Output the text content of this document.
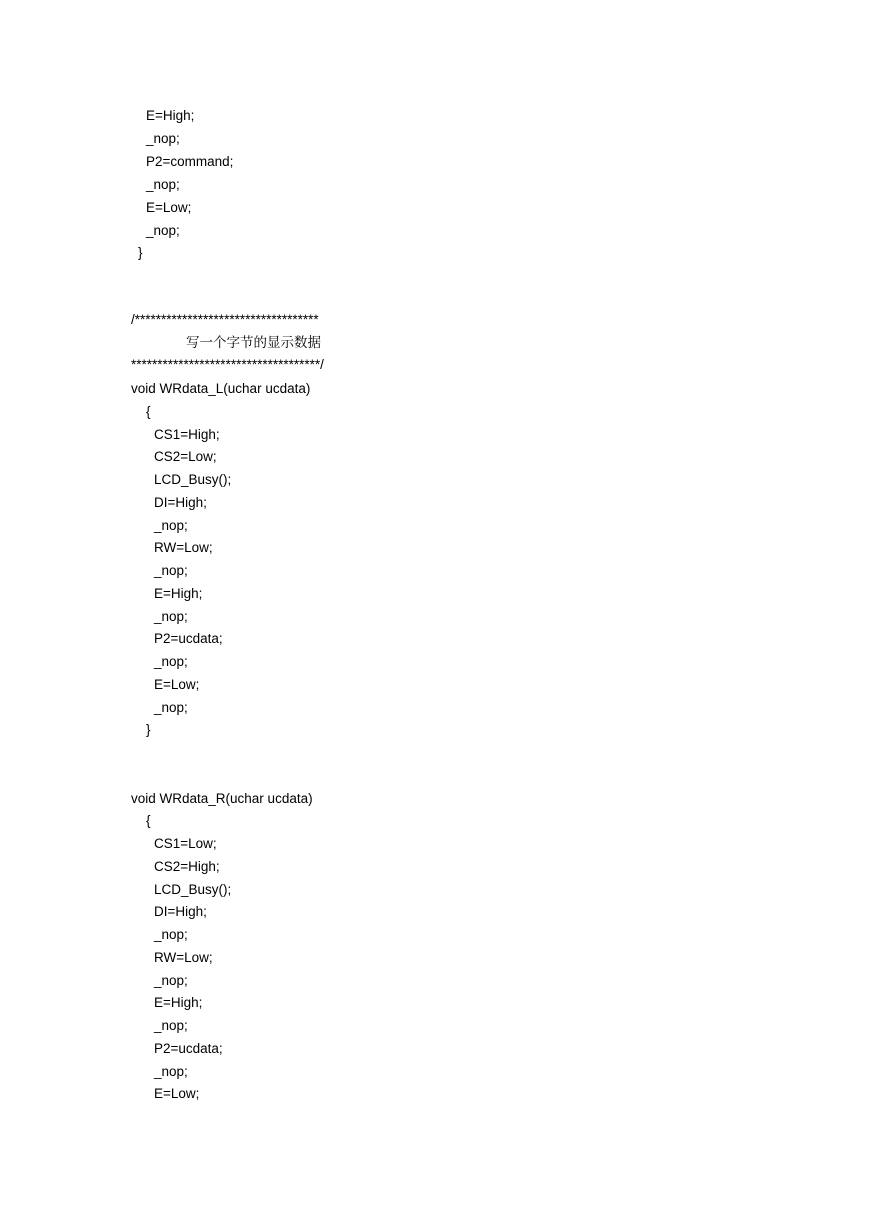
E=High;
_nop;
P2=command;
_nop;
E=Low;
_nop;
}
/***********************************
写一个字节的显示数据
************************************/
void WRdata_L(uchar ucdata)
{
CS1=High;
CS2=Low;
LCD_Busy();
DI=High;
_nop;
RW=Low;
_nop;
E=High;
_nop;
P2=ucdata;
_nop;
E=Low;
_nop;
}
void WRdata_R(uchar ucdata)
{
CS1=Low;
CS2=High;
LCD_Busy();
DI=High;
_nop;
RW=Low;
_nop;
E=High;
_nop;
P2=ucdata;
_nop;
E=Low;
